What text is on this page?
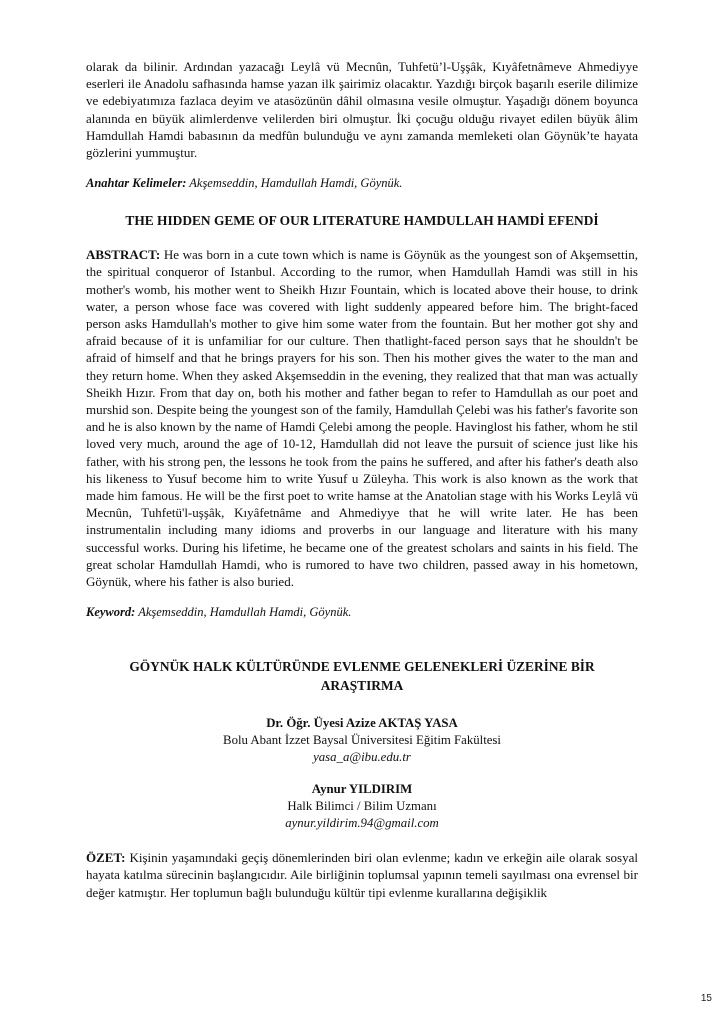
olarak da bilinir. Ardından yazacağı Leylâ vü Mecnûn, Tuhfetü’l-Uşşâk, Kıyâfetnâmeve Ahmediyye eserleri ile Anadolu safhasında hamse yazan ilk şairimiz olacaktır. Yazdığı birçok başarılı eserile dilimize ve edebiyatımıza fazlaca deyim ve atasözünün dâhil olmasına vesile olmuştur. Yaşadığı dönem boyunca alanında en büyük alimlerdenve velilerden biri olmuştur. İki çocuğu olduğu rivayet edilen büyük âlim Hamdullah Hamdi babasının da medfûn bulunduğu ve aynı zamanda memleketi olan Göynük’te hayata gözlerini yummuştur.

Anahtar Kelimeler: Akşemseddin, Hamdullah Hamdi, Göynük.

THE HIDDEN GEME OF OUR LITERATURE HAMDULLAH HAMDİ EFENDİ

ABSTRACT: He was born in a cute town which is name is Göynük as the youngest son of Akşemsettin, the spiritual conqueror of Istanbul. According to the rumor, when Hamdullah Hamdi was still in his mother's womb, his mother went to Sheikh Hızır Fountain, which is located above their house, to drink water, a person whose face was covered with light suddenly appeared before him. The bright-faced person asks Hamdullah's mother to give him some water from the fountain. But her mother got shy and afraid because of it is unfamiliar for our culture. Then thatlight-faced person says that he shouldn't be afraid of himself and that he brings prayers for his son. Then his mother gives the water to the man and they return home. When they asked Akşemseddin in the evening, they realized that that man was actually Sheikh Hızır. From that day on, both his mother and father began to refer to Hamdullah as our poet and murshid son. Despite being the youngest son of the family, Hamdullah Çelebi was his father's favorite son and he is also known by the name of Hamdi Çelebi among the people. Havinglost his father, whom he stil loved very much, around the age of 10-12, Hamdullah did not leave the pursuit of science just like his father, with his strong pen, the lessons he took from the pains he suffered, and after his father's death also his likeness to Yusuf become him to write Yusuf u Züleyha. This work is also known as the work that made him famous. He will be the first poet to write hamse at the Anatolian stage with his Works Leylâ vü Mecnûn, Tuhfetü'l-uşşâk, Kıyâfetnâme and Ahmediyye that he will write later. He has been instrumentalin including many idioms and proverbs in our language and literature with his many successful works. During his lifetime, he became one of the greatest scholars and saints in his field. The great scholar Hamdullah Hamdi, who is rumored to have two children, passed away in his hometown, Göynük, where his father is also buried.

Keyword: Akşemseddin, Hamdullah Hamdi, Göynük.

GÖYNÜK HALK KÜLTÜRÜNDE EVLENME GELENEKLERİ ÜZERİNE BİR

ARAŞTIRMA

Dr. Öğr. Üyesi Azize AKTAŞ YASA

Bolu Abant İzzet Baysal Üniversitesi Eğitim Fakültesi

yasa_a@ibu.edu.tr

Aynur YILDIRIM

Halk Bilimci / Bilim Uzmanı

aynur.yildirim.94@gmail.com

ÖZET: Kişinin yaşamındaki geçiş dönemlerinden biri olan evlenme; kadın ve erkeğin aile olarak sosyal hayata katılma sürecinin başlangıcıdır. Aile birliğinin toplumsal yapının temeli sayılması ona evrensel bir değer katmıştır. Her toplumun bağlı bulunduğu kültür tipi evlenme kurallarına değişiklik

15
